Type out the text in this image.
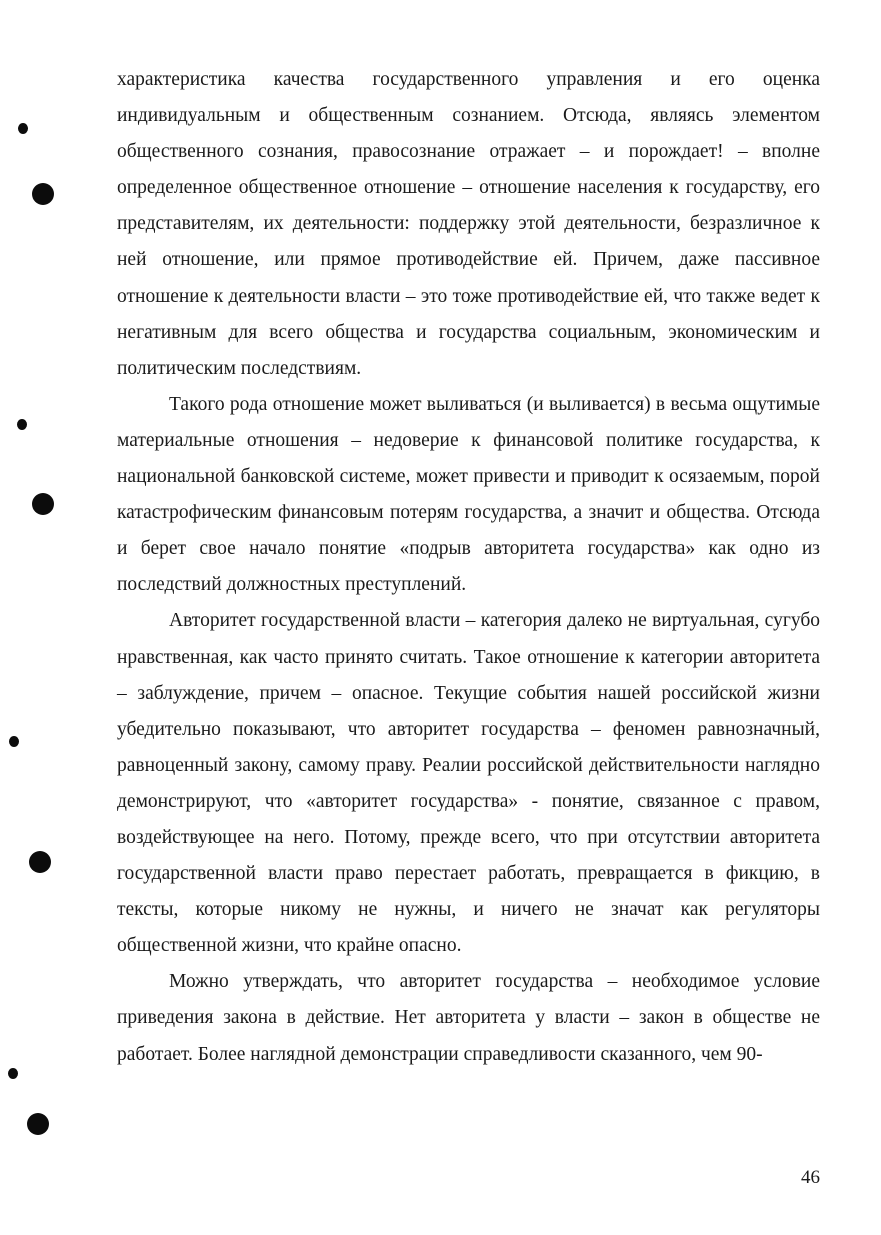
характеристика качества государственного управления и его оценка индивидуальным и общественным сознанием. Отсюда, являясь элементом общественного сознания, правосознание отражает – и порождает! – вполне определенное общественное отношение – отношение населения к государству, его представителям, их деятельности: поддержку этой деятельности, безразличное к ней отношение, или прямое противодействие ей. Причем, даже пассивное отношение к деятельности власти – это тоже противодействие ей, что также ведет к негативным для всего общества и государства социальным, экономическим и политическим последствиям.

Такого рода отношение может выливаться (и выливается) в весьма ощутимые материальные отношения – недоверие к финансовой политике государства, к национальной банковской системе, может привести и приводит к осязаемым, порой катастрофическим финансовым потерям государства, а значит и общества. Отсюда и берет свое начало понятие «подрыв авторитета государства» как одно из последствий должностных преступлений.

Авторитет государственной власти – категория далеко не виртуальная, сугубо нравственная, как часто принято считать. Такое отношение к категории авторитета – заблуждение, причем – опасное. Текущие события нашей российской жизни убедительно показывают, что авторитет государства – феномен равнозначный, равноценный закону, самому праву. Реалии российской действительности наглядно демонстрируют, что «авторитет государства» - понятие, связанное с правом, воздействующее на него. Потому, прежде всего, что при отсутствии авторитета государственной власти право перестает работать, превращается в фикцию, в тексты, которые никому не нужны, и ничего не значат как регуляторы общественной жизни, что крайне опасно.

Можно утверждать, что авторитет государства – необходимое условие приведения закона в действие. Нет авторитета у власти – закон в обществе не работает. Более наглядной демонстрации справедливости сказанного, чем 90-

46
